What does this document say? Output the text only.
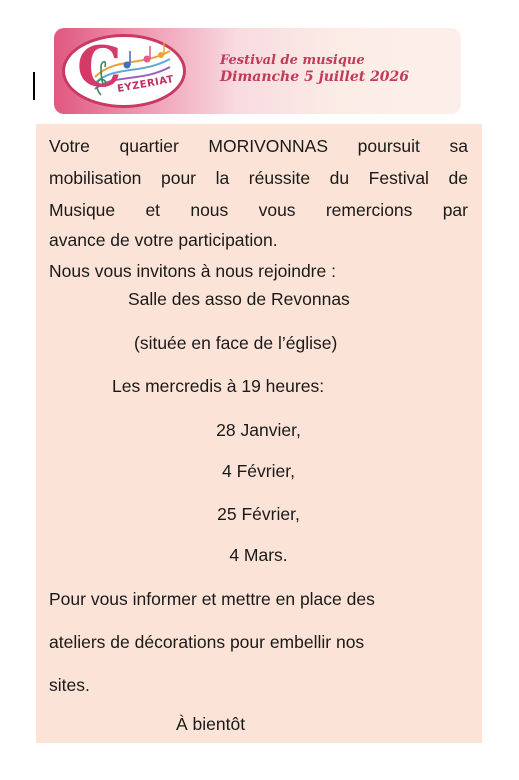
C
EYZERIAT
Festival de musique
Dimanche 5 juillet 2026
Votre quartier MORIVONNAS poursuit sa
mobilisation pour la réussite du Festival de
Musique et nous vous remercions par
avance de votre participation.
Nous vous invitons à nous rejoindre :
Salle des asso de Revonnas
(située en face de l’église)
Les mercredis à 19 heures:
28 Janvier,
4 Février,
25 Février,
4 Mars.
Pour vous informer et mettre en place des
ateliers de décorations pour embellir nos
sites.
À bientôt
